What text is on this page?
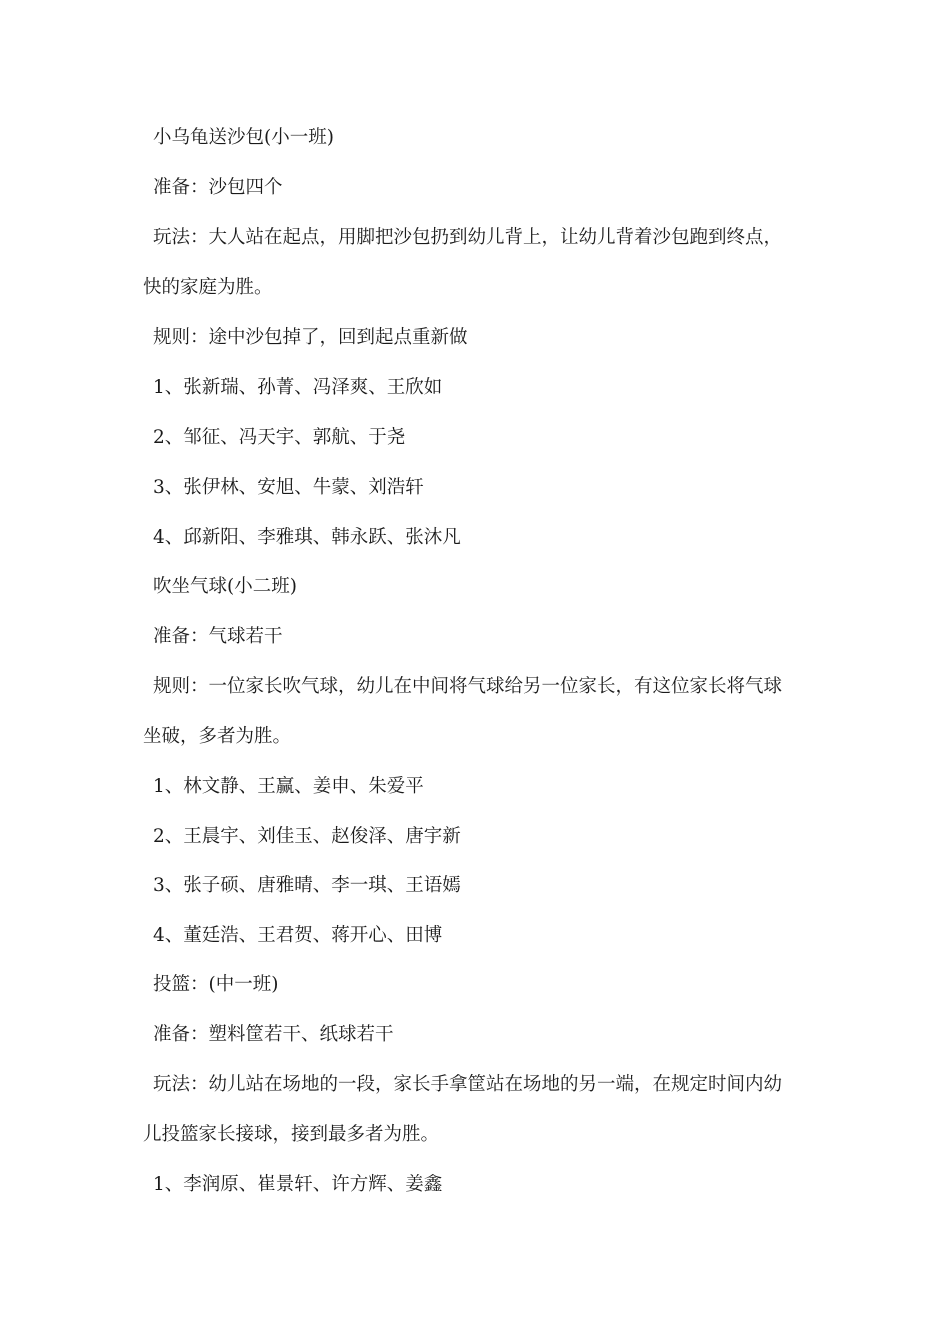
小乌龟送沙包(小一班)
准备：沙包四个
玩法：大人站在起点，用脚把沙包扔到幼儿背上，让幼儿背着沙包跑到终点，
快的家庭为胜。
规则：途中沙包掉了，回到起点重新做
1、张新瑞、孙菁、冯泽爽、王欣如
2、邹征、冯天宇、郭航、于尧
3、张伊林、安旭、牛蒙、刘浩轩
4、邱新阳、李雅琪、韩永跃、张沐凡
吹坐气球(小二班)
准备：气球若干
规则：一位家长吹气球，幼儿在中间将气球给另一位家长，有这位家长将气球
坐破，多者为胜。
1、林文静、王赢、姜申、朱爱平
2、王晨宇、刘佳玉、赵俊泽、唐宇新
3、张子硕、唐雅晴、李一琪、王语嫣
4、董廷浩、王君贺、蒋开心、田博
投篮：(中一班)
准备：塑料筐若干、纸球若干
玩法：幼儿站在场地的一段，家长手拿筐站在场地的另一端，在规定时间内幼
儿投篮家长接球，接到最多者为胜。
1、李润原、崔景轩、许方辉、姜鑫
